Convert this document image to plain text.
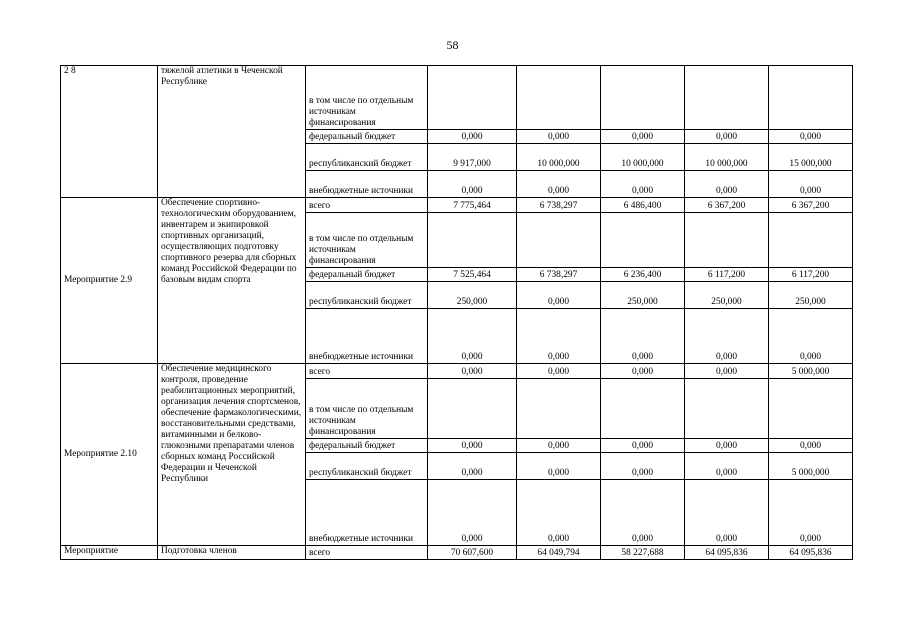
58
2 8	тяжелой атлетики в Чеченской Республике	в том числе по отдельным источникам финансирования					
		федеральный бюджет	0,000	0,000	0,000	0,000	0,000
		республиканский бюджет	9 917,000	10 000,000	10 000,000	10 000,000	15 000,000
		внебюджетные источники	0,000	0,000	0,000	0,000	0,000
Мероприятие 2.9	Обеспечение спортивно-технологическим оборудованием, инвентарем и экипировкой спортивных организаций, осуществляющих подготовку спортивного резерва для сборных команд Российской Федерации по базовым видам спорта	всего	7 775,464	6 738,297	6 486,400	6 367,200	6 367,200
		в том числе по отдельным источникам финансирования					
		федеральный бюджет	7 525,464	6 738,297	6 236,400	6 117,200	6 117,200
		республиканский бюджет	250,000	0,000	250,000	250,000	250,000
		внебюджетные источники	0,000	0,000	0,000	0,000	0,000
Мероприятие 2.10	Обеспечение медицинского контроля, проведение реабилитационных мероприятий, организация лечения спортсменов, обеспечение фармакологическими, восстановительными средствами, витаминными и белково-глюкозными препаратами членов сборных команд Российской Федерации и Чеченской Республики	всего	0,000	0,000	0,000	0,000	5 000,000
		в том числе по отдельным источникам финансирования					
		федеральный бюджет	0,000	0,000	0,000	0,000	0,000
		республиканский бюджет	0,000	0,000	0,000	0,000	5 000,000
		внебюджетные источники	0,000	0,000	0,000	0,000	0,000
Мероприятие	Подготовка членов	всего	70 607,600	64 049,794	58 227,688	64 095,836	64 095,836
